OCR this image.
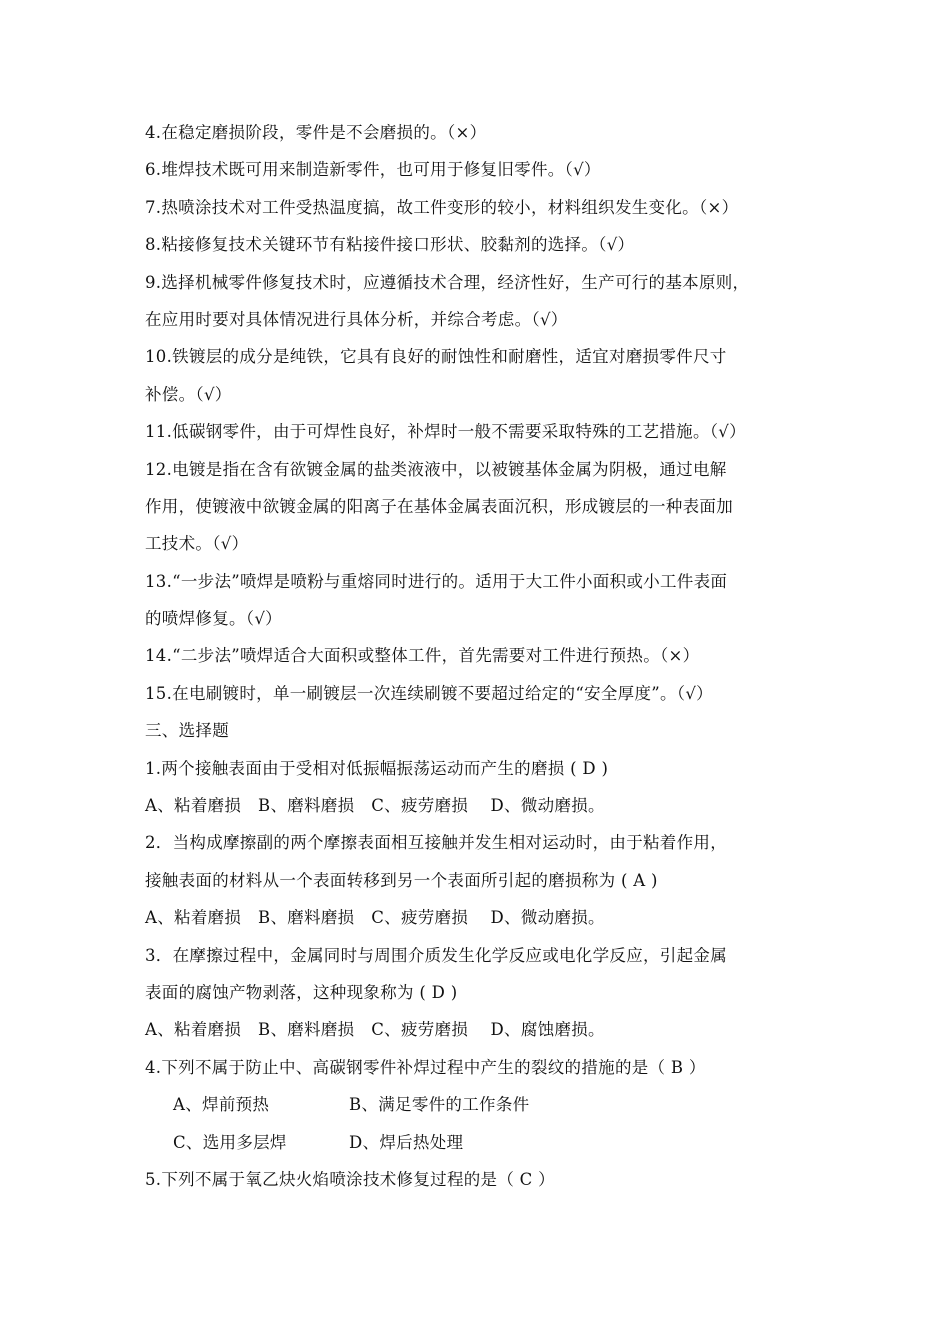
4.在稳定磨损阶段，零件是不会磨损的。（×）
6.堆焊技术既可用来制造新零件，也可用于修复旧零件。（√）
7.热喷涂技术对工件受热温度搞，故工件变形的较小，材料组织发生变化。（×）
8.粘接修复技术关键环节有粘接件接口形状、胶黏剂的选择。（√）
9.选择机械零件修复技术时，应遵循技术合理，经济性好，生产可行的基本原则，
在应用时要对具体情况进行具体分析，并综合考虑。（√）
10.铁镀层的成分是纯铁，它具有良好的耐蚀性和耐磨性，适宜对磨损零件尺寸
补偿。（√）
11.低碳钢零件，由于可焊性良好，补焊时一般不需要采取特殊的工艺措施。（√）
12.电镀是指在含有欲镀金属的盐类液液中，以被镀基体金属为阴极，通过电解
作用，使镀液中欲镀金属的阳离子在基体金属表面沉积，形成镀层的一种表面加
工技术。（√）
13.“一步法”喷焊是喷粉与重熔同时进行的。适用于大工件小面积或小工件表面
的喷焊修复。（√）
14.“二步法”喷焊适合大面积或整体工件，首先需要对工件进行预热。（×）
15.在电刷镀时，单一刷镀层一次连续刷镀不要超过给定的“安全厚度”。（√）
三、选择题
1.两个接触表面由于受相对低振幅振荡运动而产生的磨损 ( D )
A、粘着磨损　B、磨料磨损　C、疲劳磨损　 D、微动磨损。
2．当构成摩擦副的两个摩擦表面相互接触并发生相对运动时，由于粘着作用，
接触表面的材料从一个表面转移到另一个表面所引起的磨损称为 ( A )
A、粘着磨损　B、磨料磨损　C、疲劳磨损　 D、微动磨损。
3．在摩擦过程中，金属同时与周围介质发生化学反应或电化学反应，引起金属
表面的腐蚀产物剥落，这种现象称为 ( D )
A、粘着磨损　B、磨料磨损　C、疲劳磨损　 D、腐蚀磨损。
4.下列不属于防止中、高碳钢零件补焊过程中产生的裂纹的措施的是（ B ）
A、焊前预热	B、满足零件的工作条件
C、选用多层焊	D、焊后热处理
5.下列不属于氧乙炔火焰喷涂技术修复过程的是（ C ）
